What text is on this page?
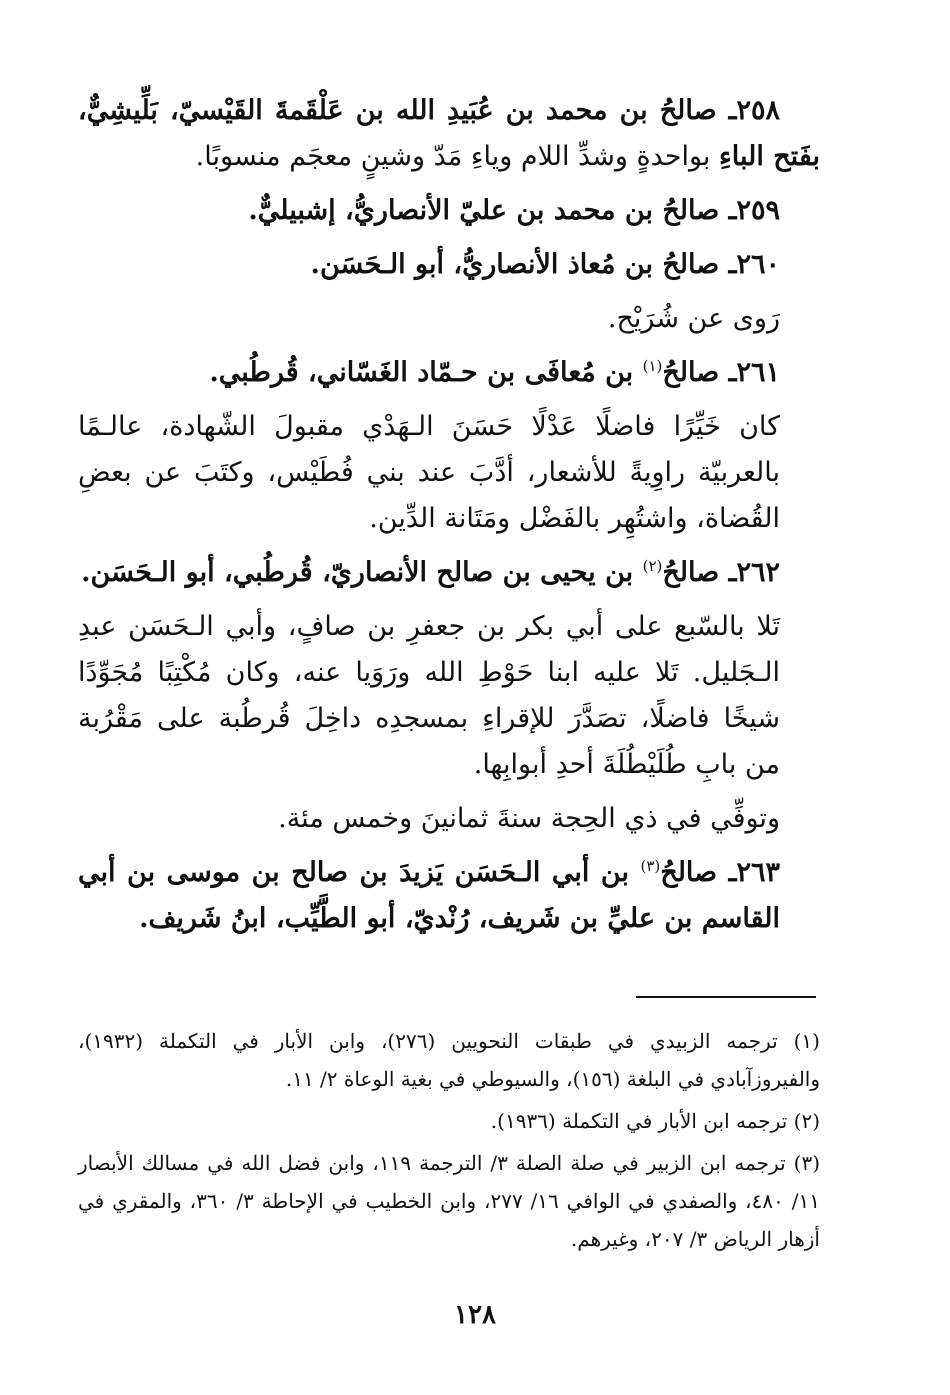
٢٥٨ـ صالحُ بن محمد بن عُبَيدِ الله بن عَلْقَمةَ القَيْسيّ، بَلِّيشِيٌّ، بفَتح الباءِ بواحدةٍ وشدِّ اللام وياءِ مَدّ وشينٍ معجَم منسوبًا.

٢٥٩ـ صالحُ بن محمد بن عليّ الأنصاريُّ، إشبيليٌّ.

٢٦٠ـ صالحُ بن مُعاذ الأنصاريُّ، أبو الـحَسَن.

رَوى عن شُرَيْح.

٢٦١ـ صالحُ$^{(١)}$ بن مُعافَى بن حـمّاد الغَسّاني، قُرطُبي.

كان خَيِّرًا فاضلًا عَدْلًا حَسَنَ الـهَدْي مقبولَ الشّهادة، عالـمًا بالعربيّة راوِيةً للأشعار، أدَّبَ عند بني فُطَيْس، وكتَبَ عن بعضِ القُضاة، واشتُهِر بالفَضْل ومَتَانة الدِّين.

٢٦٢ـ صالحُ$^{(٢)}$ بن يحيى بن صالح الأنصاريّ، قُرطُبي، أبو الـحَسَن.

تَلا بالسّبع على أبي بكر بن جعفرِ بن صافٍ، وأبي الـحَسَن عبدِ الـجَليل. تَلا عليه ابنا حَوْطِ الله ورَوَيا عنه، وكان مُكْتِبًا مُجَوِّدًا شيخًا فاضلًا، تصَدَّرَ للإقراءِ بمسجدِه داخِلَ قُرطُبة على مَقْرُبة من بابِ طُلَيْطُلَةَ أحدِ أبوابِها.

وتوفِّي في ذي الحِجة سنةَ ثمانينَ وخمس مئة.

٢٦٣ـ صالحُ$^{(٣)}$ بن أبي الـحَسَن يَزيدَ بن صالح بن موسى بن أبي القاسم بن عليِّ بن شَريف، رُنْديّ، أبو الطَّيِّب، ابنُ شَريف.

(١) ترجمه الزبيدي في طبقات النحويين (٢٧٦)، وابن الأبار في التكملة (١٩٣٢)، والفيروزآبادي في البلغة (١٥٦)، والسيوطي في بغية الوعاة ٢/ ١١.

(٢) ترجمه ابن الأبار في التكملة (١٩٣٦).

(٣) ترجمه ابن الزبير في صلة الصلة ٣/ الترجمة ١١٩، وابن فضل الله في مسالك الأبصار ١١/ ٤٨٠، والصفدي في الوافي ١٦/ ٢٧٧، وابن الخطيب في الإحاطة ٣/ ٣٦٠، والمقري في أزهار الرياض ٣/ ٢٠٧، وغيرهم.

١٢٨
